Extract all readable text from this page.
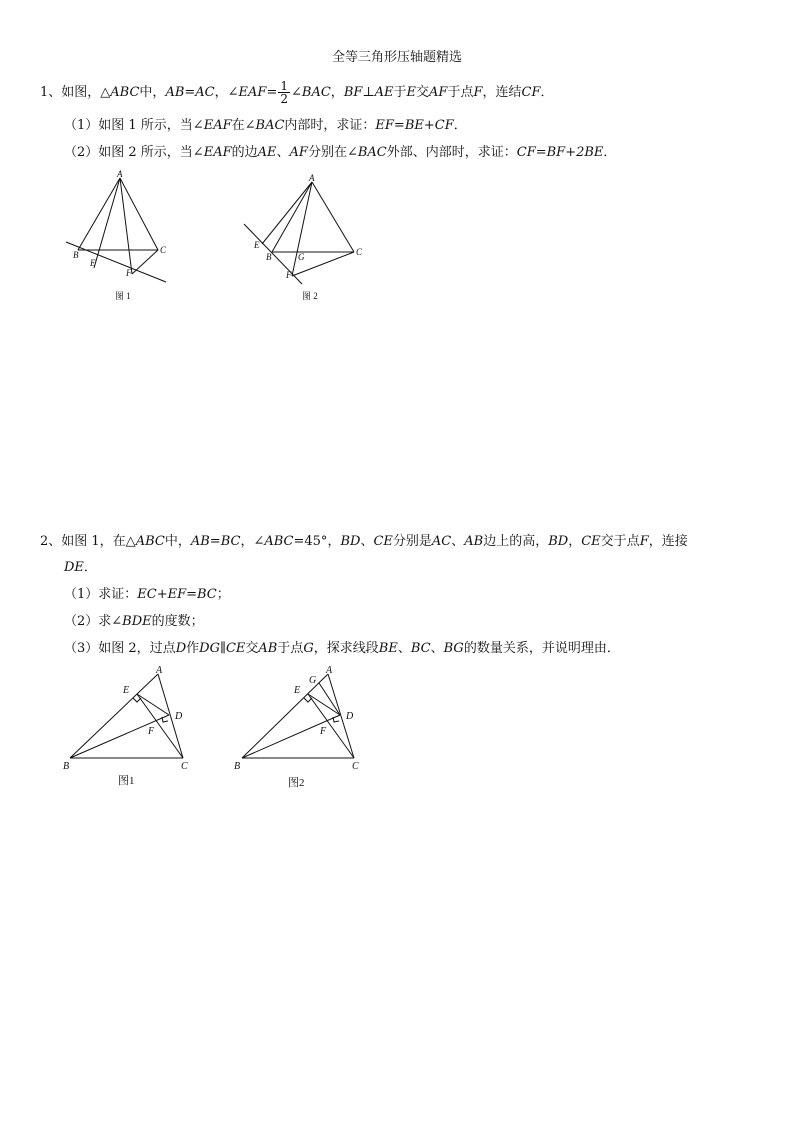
全等三角形压轴题精选
1、如图，△ABC中，AB=AC，∠EAF= $\frac{1}{2}$ ∠BAC，BF⊥AE于E交AF于点F，连结CF．
（1）如图 1 所示，当∠EAF在∠BAC内部时，求证：EF=BE+CF．
（2）如图 2 所示，当∠EAF的边AE、AF分别在∠BAC外部、内部时，求证：CF=BF+2BE．
A
B	C
E
F
图 1
A
B	C
E
F
G
图 2
2、如图 1，在△ABC中，AB=BC，∠ABC=45°，BD、CE分别是AC、AB边上的高，BD，CE交于点F，连接
DE．
（1）求证：EC+EF=BC；
（2）求∠BDE的度数；
（3）如图 2，过点D作DG∥CE交AB于点G，探求线段BE、BC、BG的数量关系，并说明理由．
A
B	C
D
E
F
图1
A
B	C
D
E
F
G
图2
